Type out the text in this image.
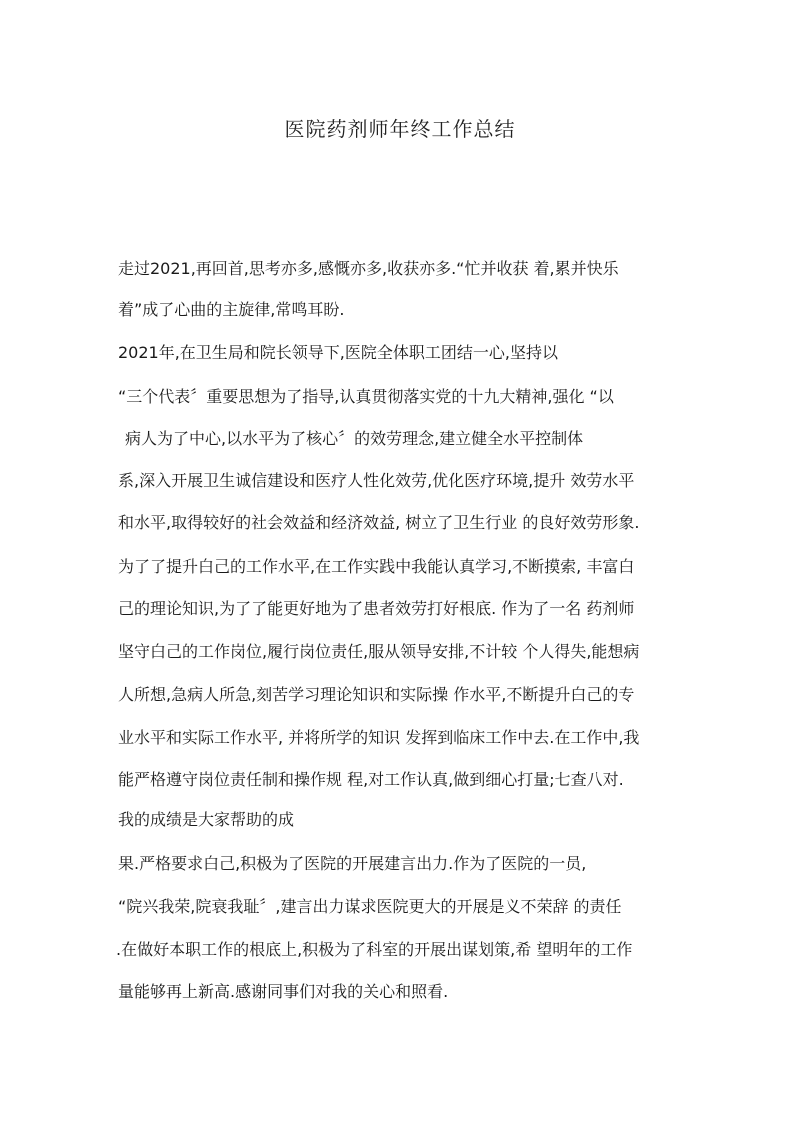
医院药剂师年终工作总结
走过2021,再回首,思考亦多,感慨亦多,收获亦多.“忙并收获 着,累并快乐
着”成了心曲的主旋律,常鸣耳盼.
2021年,在卫生局和院长领导下,医院全体职工团结一心,坚持以
“三个代表〞重要思想为了指导,认真贯彻落实党的十九大精神,强化 “以
病人为了中心,以水平为了核心〞的效劳理念,建立健全水平控制体
系,深入开展卫生诚信建设和医疗人性化效劳,优化医疗环境,提升 效劳水平
和水平,取得较好的社会效益和经济效益, 树立了卫生行业 的良好效劳形象.
为了了提升白己的工作水平,在工作实践中我能认真学习,不断摸索, 丰富白
己的理论知识,为了了能更好地为了患者效劳打好根底. 作为了一名 药剂师
坚守白己的工作岗位,履行岗位责任,服从领导安排,不计较 个人得失,能想病
人所想,急病人所急,刻苦学习理论知识和实际操 作水平,不断提升白己的专
业水平和实际工作水平, 并将所学的知识 发挥到临床工作中去.在工作中,我
能严格遵守岗位责任制和操作规 程,对工作认真,做到细心打量;七查八对.
我的成绩是大家帮助的成
果.严格要求白己,积极为了医院的开展建言出力.作为了医院的一员,
“院兴我荣,院衰我耻〞,建言出力谋求医院更大的开展是义不荣辞 的责任
.在做好本职工作的根底上,积极为了科室的开展出谋划策,希 望明年的工作
量能够再上新高.感谢同事们对我的关心和照看.
